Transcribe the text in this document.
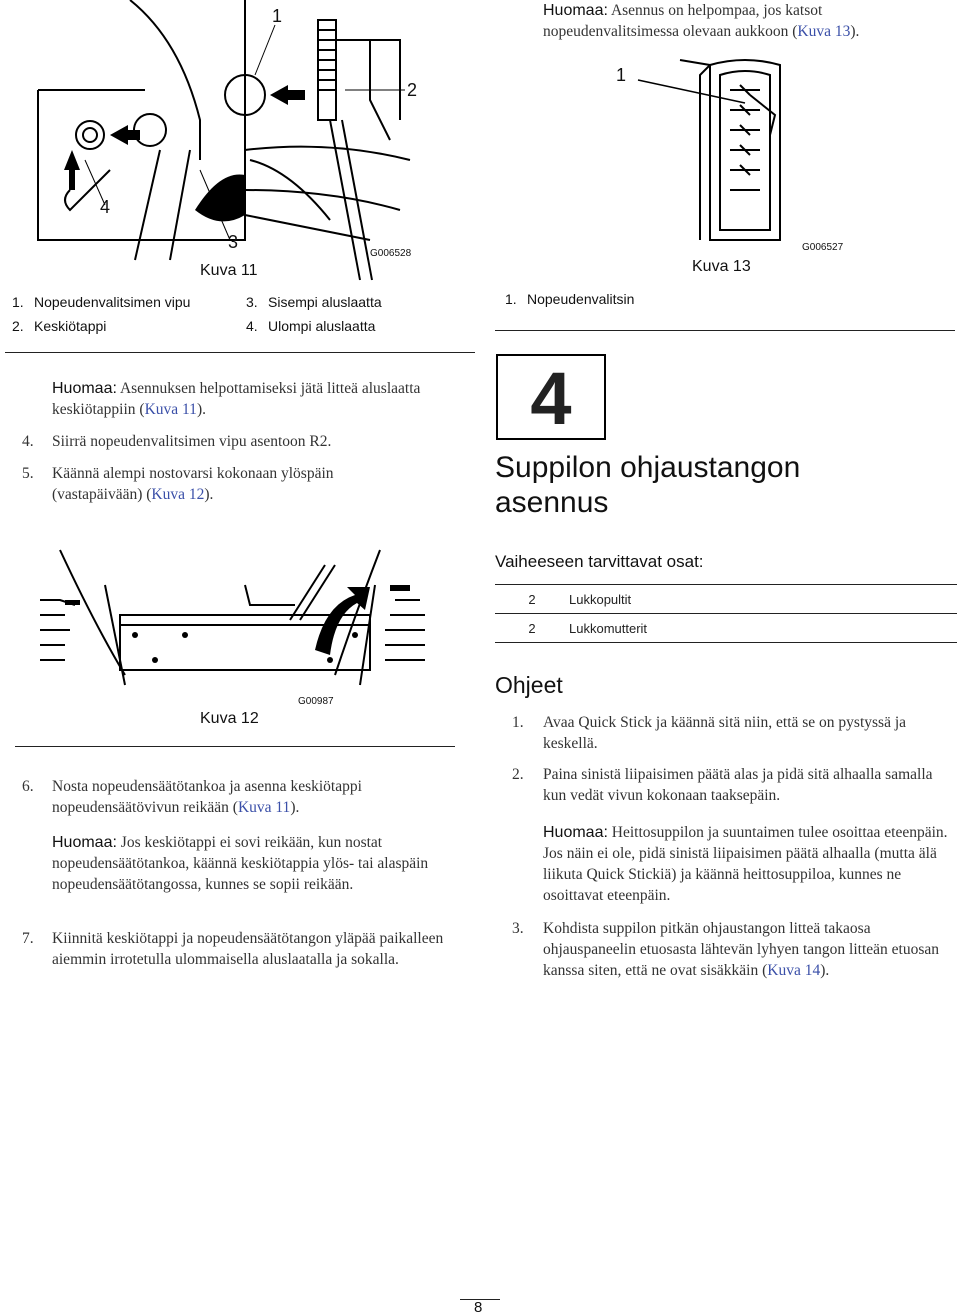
1
2
3
4
G006528
Kuva 11
1. Nopeudenvalitsimen vipu
2. Keskiötappi
3. Sisempi aluslaatta
4. Ulompi aluslaatta
Huomaa: Asennus on helpompaa, jos katsot nopeudenvalitsimessa olevaan aukkoon (Kuva 13).
1
G006527
Kuva 13
1. Nopeudenvalitsin
Huomaa: Asennuksen helpottamiseksi jätä litteä aluslaatta keskiötappiin (Kuva 11).
4. Siirrä nopeudenvalitsimen vipu asentoon R2.
5. Käännä alempi nostovarsi kokonaan ylöspäin (vastapäivään) (Kuva 12).
G00987
Kuva 12
6. Nosta nopeudensäätötankoa ja asenna keskiötappi nopeudensäätövivun reikään (Kuva 11).
Huomaa: Jos keskiötappi ei sovi reikään, kun nostat nopeudensäätötankoa, käännä keskiötappia ylös- tai alaspäin nopeudensäätötangossa, kunnes se sopii reikään.
7. Kiinnitä keskiötappi ja nopeudensäätötangon yläpää paikalleen aiemmin irrotetulla ulommaisella aluslaatalla ja sokalla.
4
Suppilon ohjaustangon
asennus
Vaiheeseen tarvittavat osat:
2	Lukkopultit
2	Lukkomutterit
Ohjeet
1. Avaa Quick Stick ja käännä sitä niin, että se on pystyssä ja keskellä.
2. Paina sinistä liipaisimen päätä alas ja pidä sitä alhaalla samalla kun vedät vivun kokonaan taaksepäin.
Huomaa: Heittosuppilon ja suuntaimen tulee osoittaa eteenpäin. Jos näin ei ole, pidä sinistä liipaisimen päätä alhaalla (mutta älä liikuta Quick Stickiä) ja käännä heittosuppiloa, kunnes ne osoittavat eteenpäin.
3. Kohdista suppilon pitkän ohjaustangon litteä takaosa ohjauspaneelin etuosasta lähtevän lyhyen tangon litteän etuosan kanssa siten, että ne ovat sisäkkäin (Kuva 14).
8
